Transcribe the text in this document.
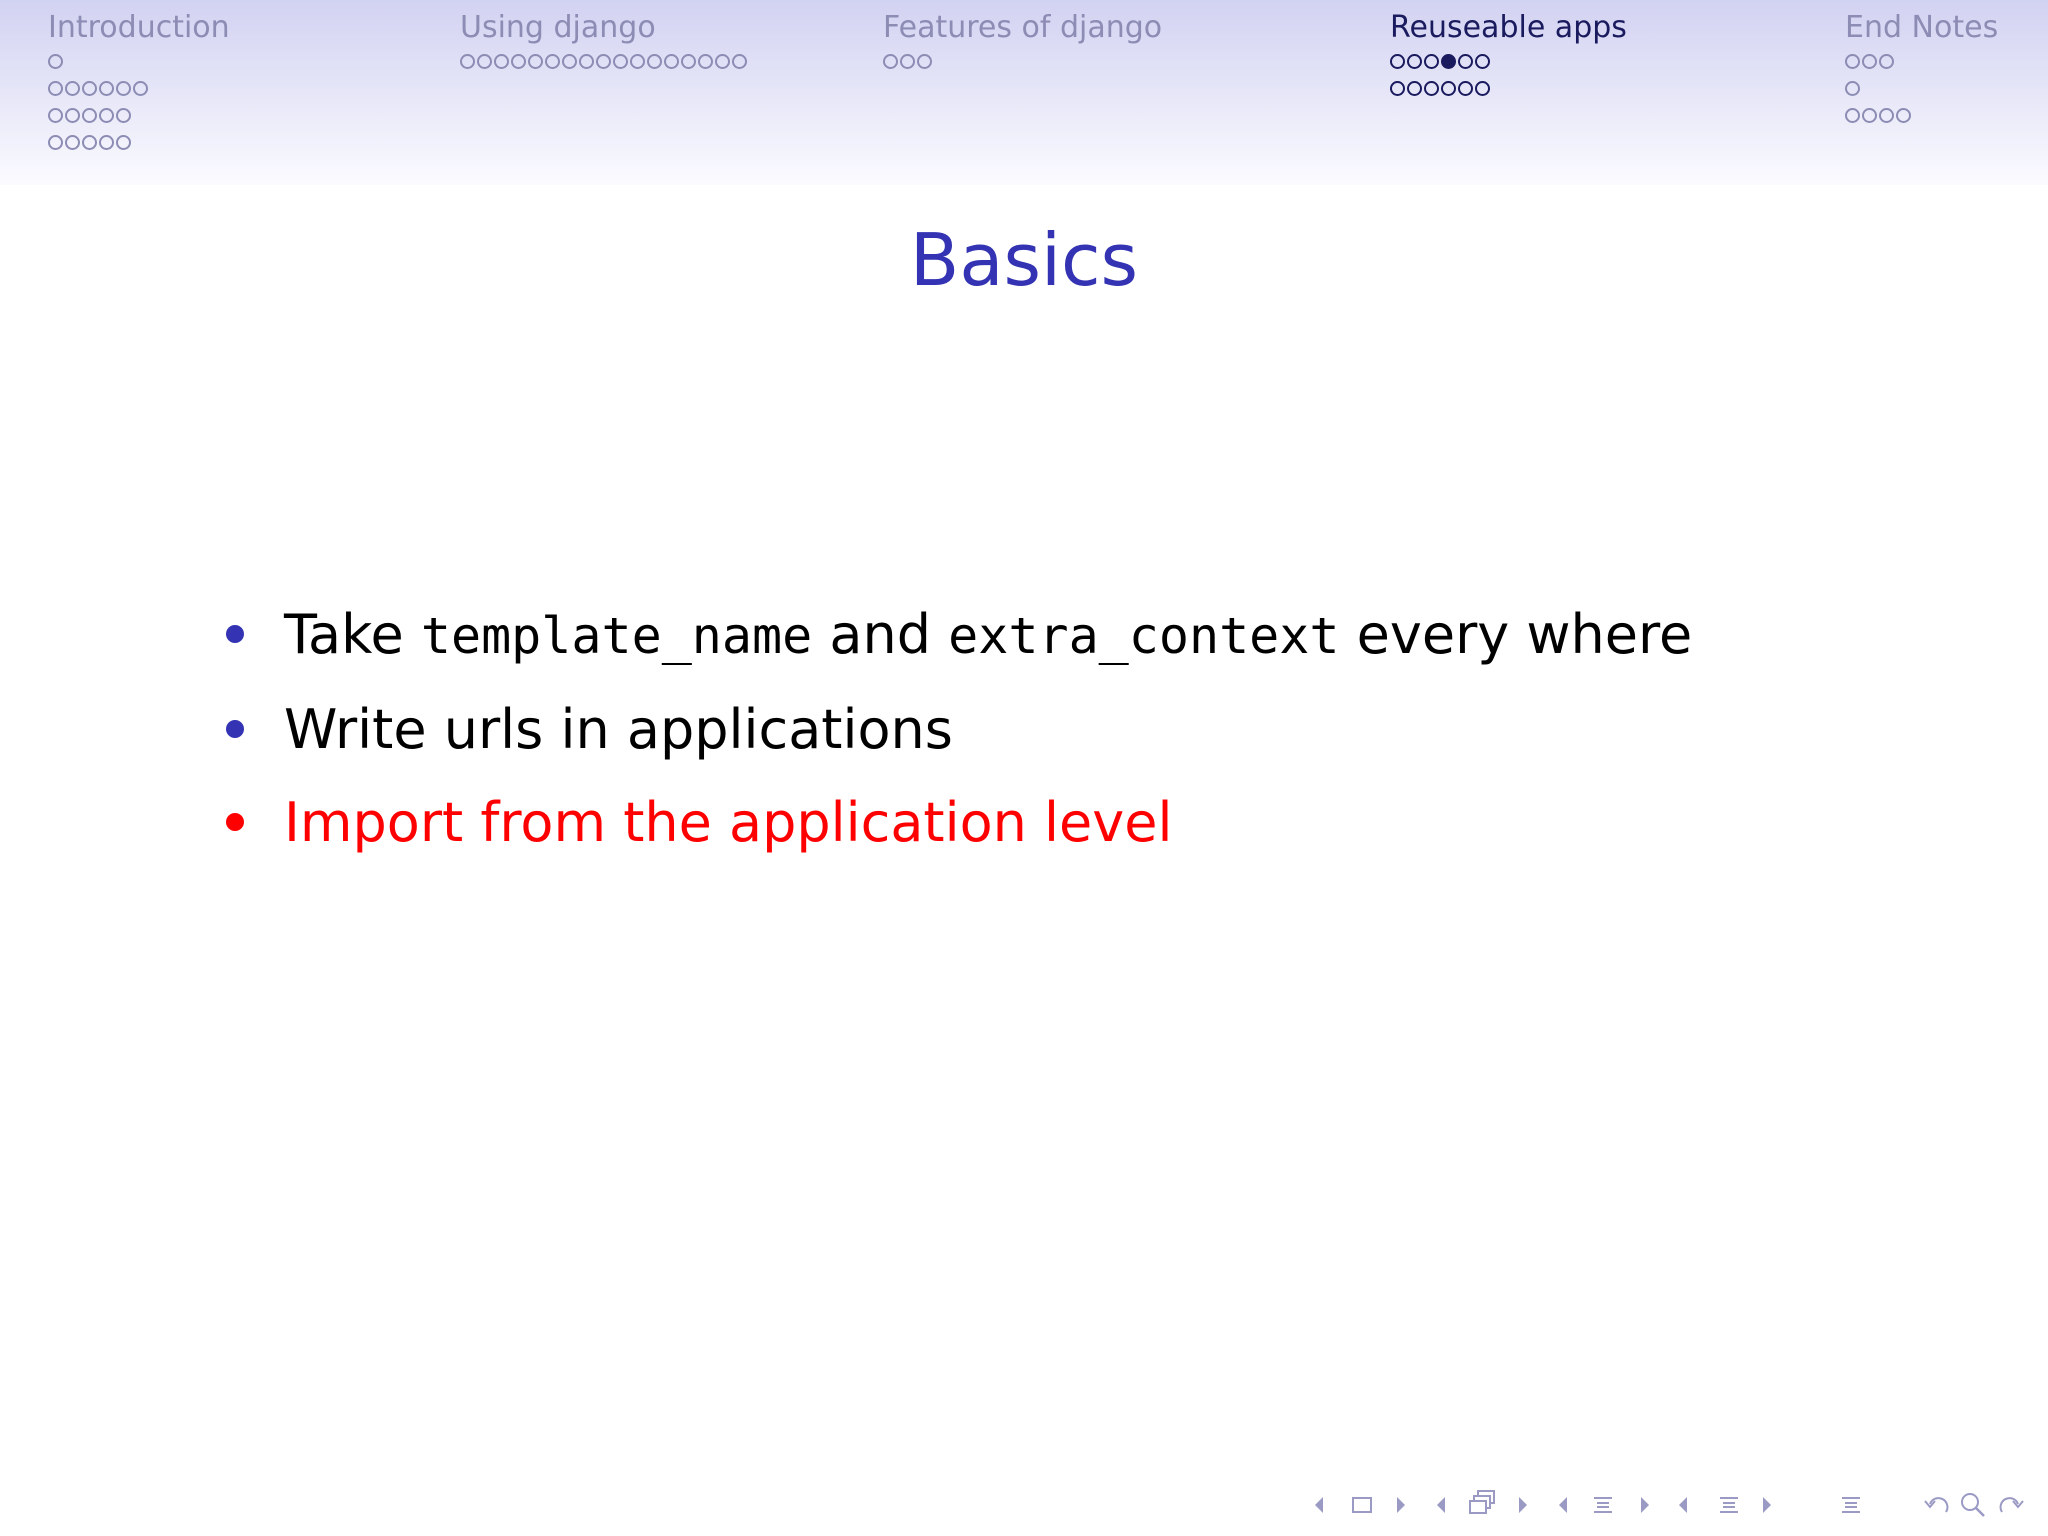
Introduction	Using django	Features of django	Reuseable apps	End Notes
Basics
Take template_name and extra_context every where
Write urls in applications
Import from the application level
